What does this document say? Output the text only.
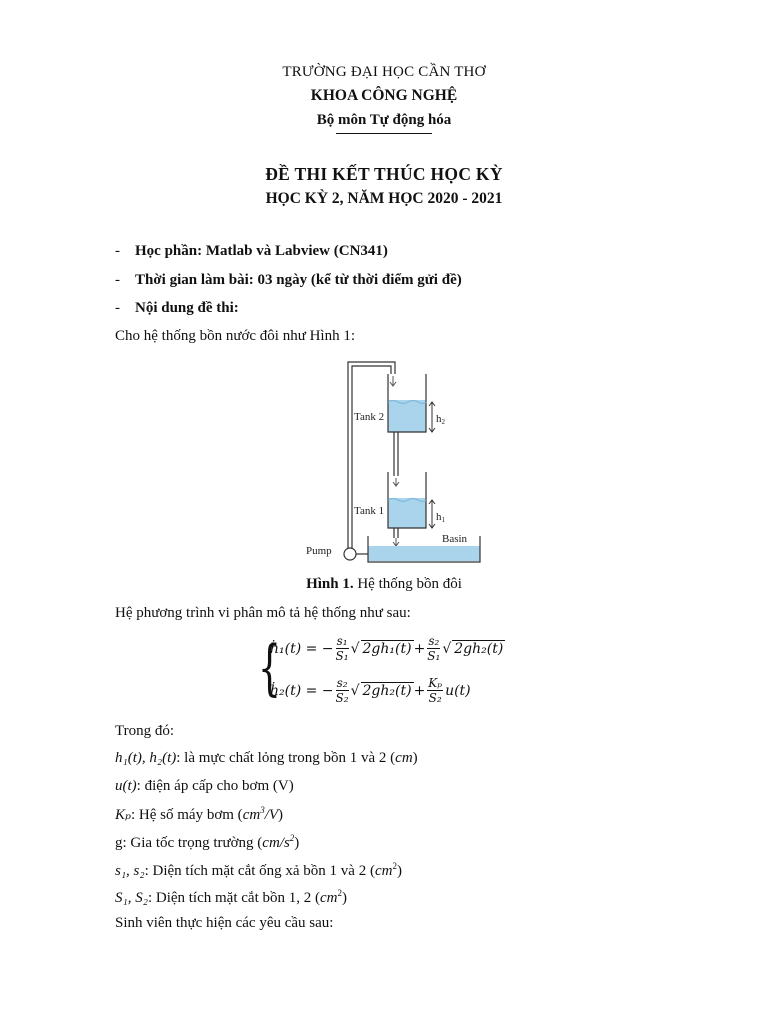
TRƯỜNG ĐẠI HỌC CẦN THƠ
KHOA CÔNG NGHỆ
Bộ môn Tự động hóa
ĐỀ THI KẾT THÚC HỌC KỲ
HỌC KỲ 2, NĂM HỌC 2020 - 2021
- Học phần: Matlab và Labview (CN341)
- Thời gian làm bài: 03 ngày (kể từ thời điểm gửi đề)
- Nội dung đề thi:
Cho hệ thống bồn nước đôi như Hình 1:
Tank 2
Tank 1
h2
h1
Basin
Pump
Hình 1. Hệ thống bồn đôi
Hệ phương trình vi phân mô tả hệ thống như sau:
{
ḣ₁(t) = − $\frac{\text{s₁}}{\text{S₁}}$ √ $2gh_1(t) + \frac{\text{s₂}}{\text{S₁}}$ √ 2gh₂(t)
ḣ₂(t) = − $\frac{\text{s₂}}{\text{S₂}}$ √ $2gh_2(t) + \frac{\text{Kₚ}}{\text{S₂}} u(t)$
Trong đó:
h₁(t), h₂(t): là mực chất lỏng trong bồn 1 và 2 (cm)
u(t): điện áp cấp cho bơm (V)
Kₚ: Hệ số máy bơm $(cm^3/V)$
g: Gia tốc trọng trường $(cm/s^2)$
s₁, s₂: Diện tích mặt cắt ống xả bồn 1 và 2 $(cm^2)$
S₁, S₂: Diện tích mặt cắt bồn 1, 2 $(cm^2)$
Sinh viên thực hiện các yêu cầu sau:
